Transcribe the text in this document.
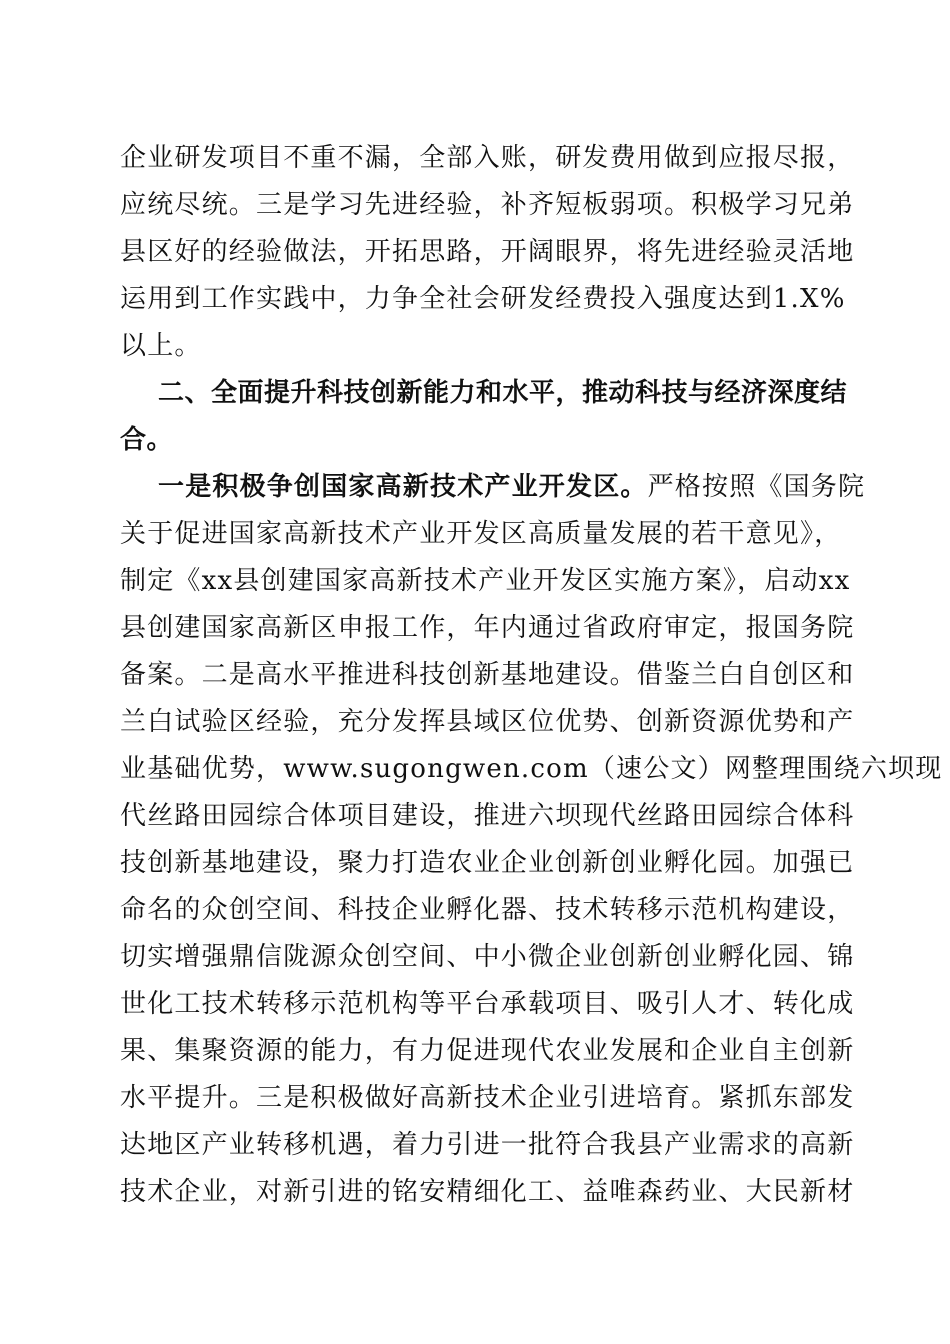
企业研发项目不重不漏，全部入账，研发费用做到应报尽报，
应统尽统。三是学习先进经验，补齐短板弱项。积极学习兄弟
县区好的经验做法，开拓思路，开阔眼界，将先进经验灵活地
运用到工作实践中，力争全社会研发经费投入强度达到1.X%
以上。
二、全面提升科技创新能力和水平，推动科技与经济深度结
合。
一是积极争创国家高新技术产业开发区。严格按照《国务院
关于促进国家高新技术产业开发区高质量发展的若干意见》，
制定《xx县创建国家高新技术产业开发区实施方案》，启动xx
县创建国家高新区申报工作，年内通过省政府审定，报国务院
备案。二是高水平推进科技创新基地建设。借鉴兰白自创区和
兰白试验区经验，充分发挥县域区位优势、创新资源优势和产
业基础优势，www.sugongwen.com（速公文）网整理围绕六坝现
代丝路田园综合体项目建设，推进六坝现代丝路田园综合体科
技创新基地建设，聚力打造农业企业创新创业孵化园。加强已
命名的众创空间、科技企业孵化器、技术转移示范机构建设，
切实增强鼎信陇源众创空间、中小微企业创新创业孵化园、锦
世化工技术转移示范机构等平台承载项目、吸引人才、转化成
果、集聚资源的能力，有力促进现代农业发展和企业自主创新
水平提升。三是积极做好高新技术企业引进培育。紧抓东部发
达地区产业转移机遇，着力引进一批符合我县产业需求的高新
技术企业，对新引进的铭安精细化工、益唯森药业、大民新材
